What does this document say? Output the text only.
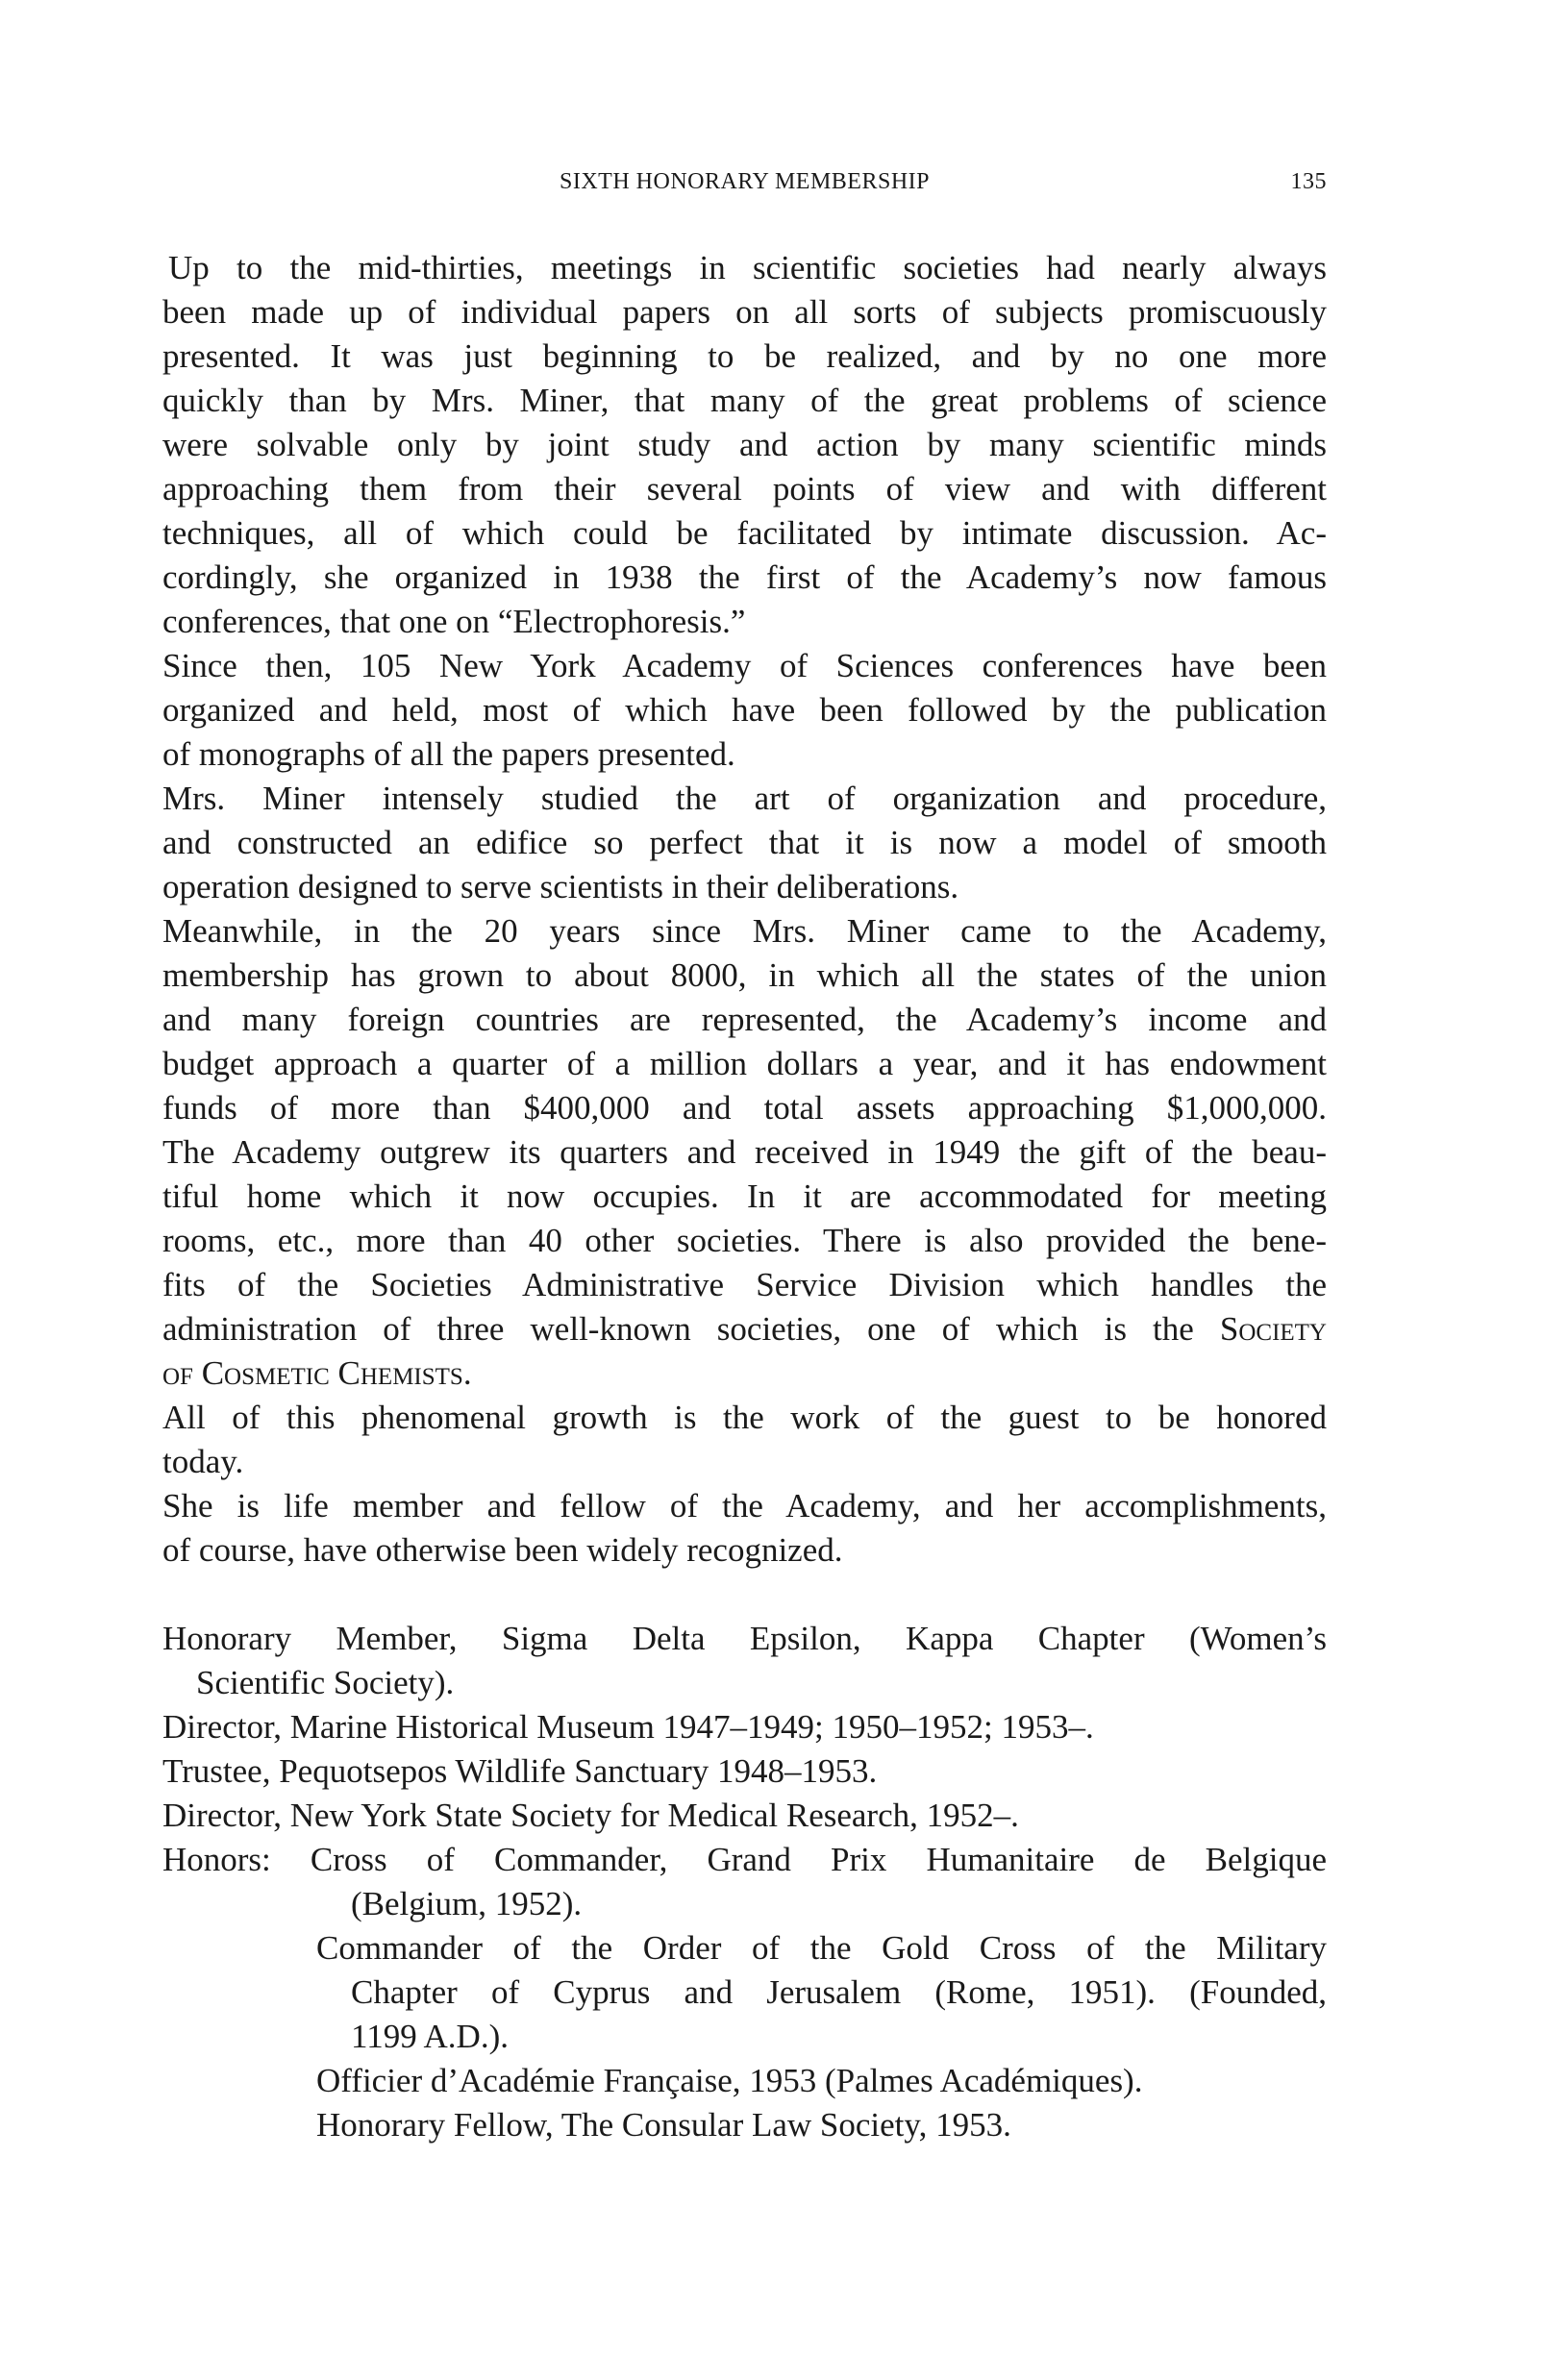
SIXTH HONORARY MEMBERSHIP	135
Up to the mid-thirties, meetings in scientific societies had nearly always
been made up of individual papers on all sorts of subjects promiscuously
presented. It was just beginning to be realized, and by no one more
quickly than by Mrs. Miner, that many of the great problems of science
were solvable only by joint study and action by many scientific minds
approaching them from their several points of view and with different
techniques, all of which could be facilitated by intimate discussion. Ac-
cordingly, she organized in 1938 the first of the Academy’s now famous
conferences, that one on “Electrophoresis.”
Since then, 105 New York Academy of Sciences conferences have been
organized and held, most of which have been followed by the publication
of monographs of all the papers presented.
Mrs. Miner intensely studied the art of organization and procedure,
and constructed an edifice so perfect that it is now a model of smooth
operation designed to serve scientists in their deliberations.
Meanwhile, in the 20 years since Mrs. Miner came to the Academy,
membership has grown to about 8000, in which all the states of the union
and many foreign countries are represented, the Academy’s income and
budget approach a quarter of a million dollars a year, and it has endowment
funds of more than $400,000 and total assets approaching $1,000,000.
The Academy outgrew its quarters and received in 1949 the gift of the beau-
tiful home which it now occupies. In it are accommodated for meeting
rooms, etc., more than 40 other societies. There is also provided the bene-
fits of the Societies Administrative Service Division which handles the
administration of three well-known societies, one of which is the Society
of Cosmetic Chemists.
All of this phenomenal growth is the work of the guest to be honored
today.
She is life member and fellow of the Academy, and her accomplishments,
of course, have otherwise been widely recognized.
Honorary Member, Sigma Delta Epsilon, Kappa Chapter (Women’s
Scientific Society).
Director, Marine Historical Museum 1947–1949; 1950–1952; 1953–.
Trustee, Pequotsepos Wildlife Sanctuary 1948–1953.
Director, New York State Society for Medical Research, 1952–.
Honors: Cross of Commander, Grand Prix Humanitaire de Belgique
(Belgium, 1952).
Commander of the Order of the Gold Cross of the Military
Chapter of Cyprus and Jerusalem (Rome, 1951). (Founded,
1199 A.D.).
Officier d’Académie Française, 1953 (Palmes Académiques).
Honorary Fellow, The Consular Law Society, 1953.
